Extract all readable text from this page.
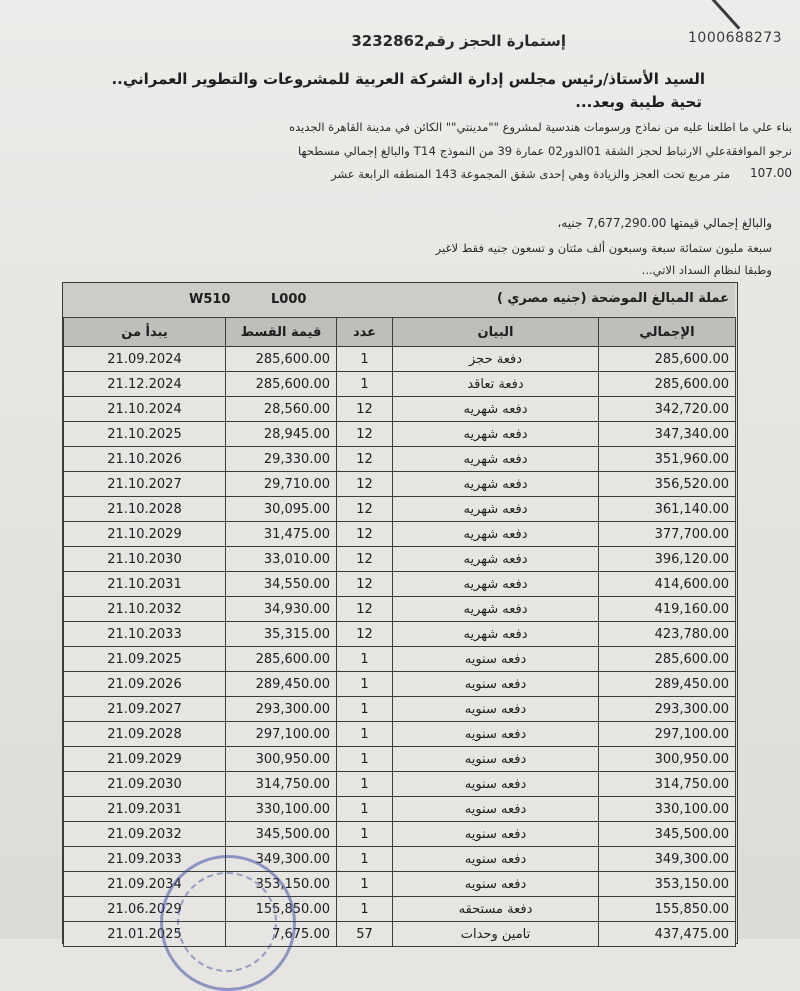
1000688273
إستمارة الحجز رقم3232862
السيد الأستاذ/رئيس مجلس إدارة الشركة العربية للمشروعات والتطوير العمراني..
تحية طيبة وبعد...
بناء علي ما اطلعنا عليه من نماذج ورسومات هندسية لمشروع ""مدينتي"" الكائن في مدينة القاهرة الجديده
نرجو الموافقةعلي الارتباط لحجز الشقة 01الدور02 عمارة 39 من النموذج T14 والبالغ إجمالي مسطحها
متر مربع تحت العجز والزيادة وهي إحدى شقق المجموعة 143 المنطقه الرابعة عشر 107.00
والبالغ إجمالي قيمتها 7,677,290.00 جنيه،
سبعة مليون ستمائة سبعة وسبعون ألف مئتان و تسعون جنيه فقط لاغير
وطبقا لنظام السداد الاتي...
W510	L000	عملة المبالغ الموضحة (جنيه مصري )
يبدأ من	قيمة القسط	عدد	البيان	الإجمالي
21.09.2024	285,600.00	1	دفعة حجز	285,600.00
21.12.2024	285,600.00	1	دفعة تعاقد	285,600.00
21.10.2024	28,560.00	12	دفعه شهريه	342,720.00
21.10.2025	28,945.00	12	دفعه شهريه	347,340.00
21.10.2026	29,330.00	12	دفعه شهريه	351,960.00
21.10.2027	29,710.00	12	دفعه شهريه	356,520.00
21.10.2028	30,095.00	12	دفعه شهريه	361,140.00
21.10.2029	31,475.00	12	دفعه شهريه	377,700.00
21.10.2030	33,010.00	12	دفعه شهريه	396,120.00
21.10.2031	34,550.00	12	دفعه شهريه	414,600.00
21.10.2032	34,930.00	12	دفعه شهريه	419,160.00
21.10.2033	35,315.00	12	دفعه شهريه	423,780.00
21.09.2025	285,600.00	1	دفعه سنويه	285,600.00
21.09.2026	289,450.00	1	دفعه سنويه	289,450.00
21.09.2027	293,300.00	1	دفعه سنويه	293,300.00
21.09.2028	297,100.00	1	دفعه سنويه	297,100.00
21.09.2029	300,950.00	1	دفعه سنويه	300,950.00
21.09.2030	314,750.00	1	دفعه سنويه	314,750.00
21.09.2031	330,100.00	1	دفعه سنويه	330,100.00
21.09.2032	345,500.00	1	دفعه سنويه	345,500.00
21.09.2033	349,300.00	1	دفعه سنويه	349,300.00
21.09.2034	353,150.00	1	دفعه سنويه	353,150.00
21.06.2029	155,850.00	1	دفعة مستحقه	155,850.00
21.01.2025	7,675.00	57	تامين وحدات	437,475.00
